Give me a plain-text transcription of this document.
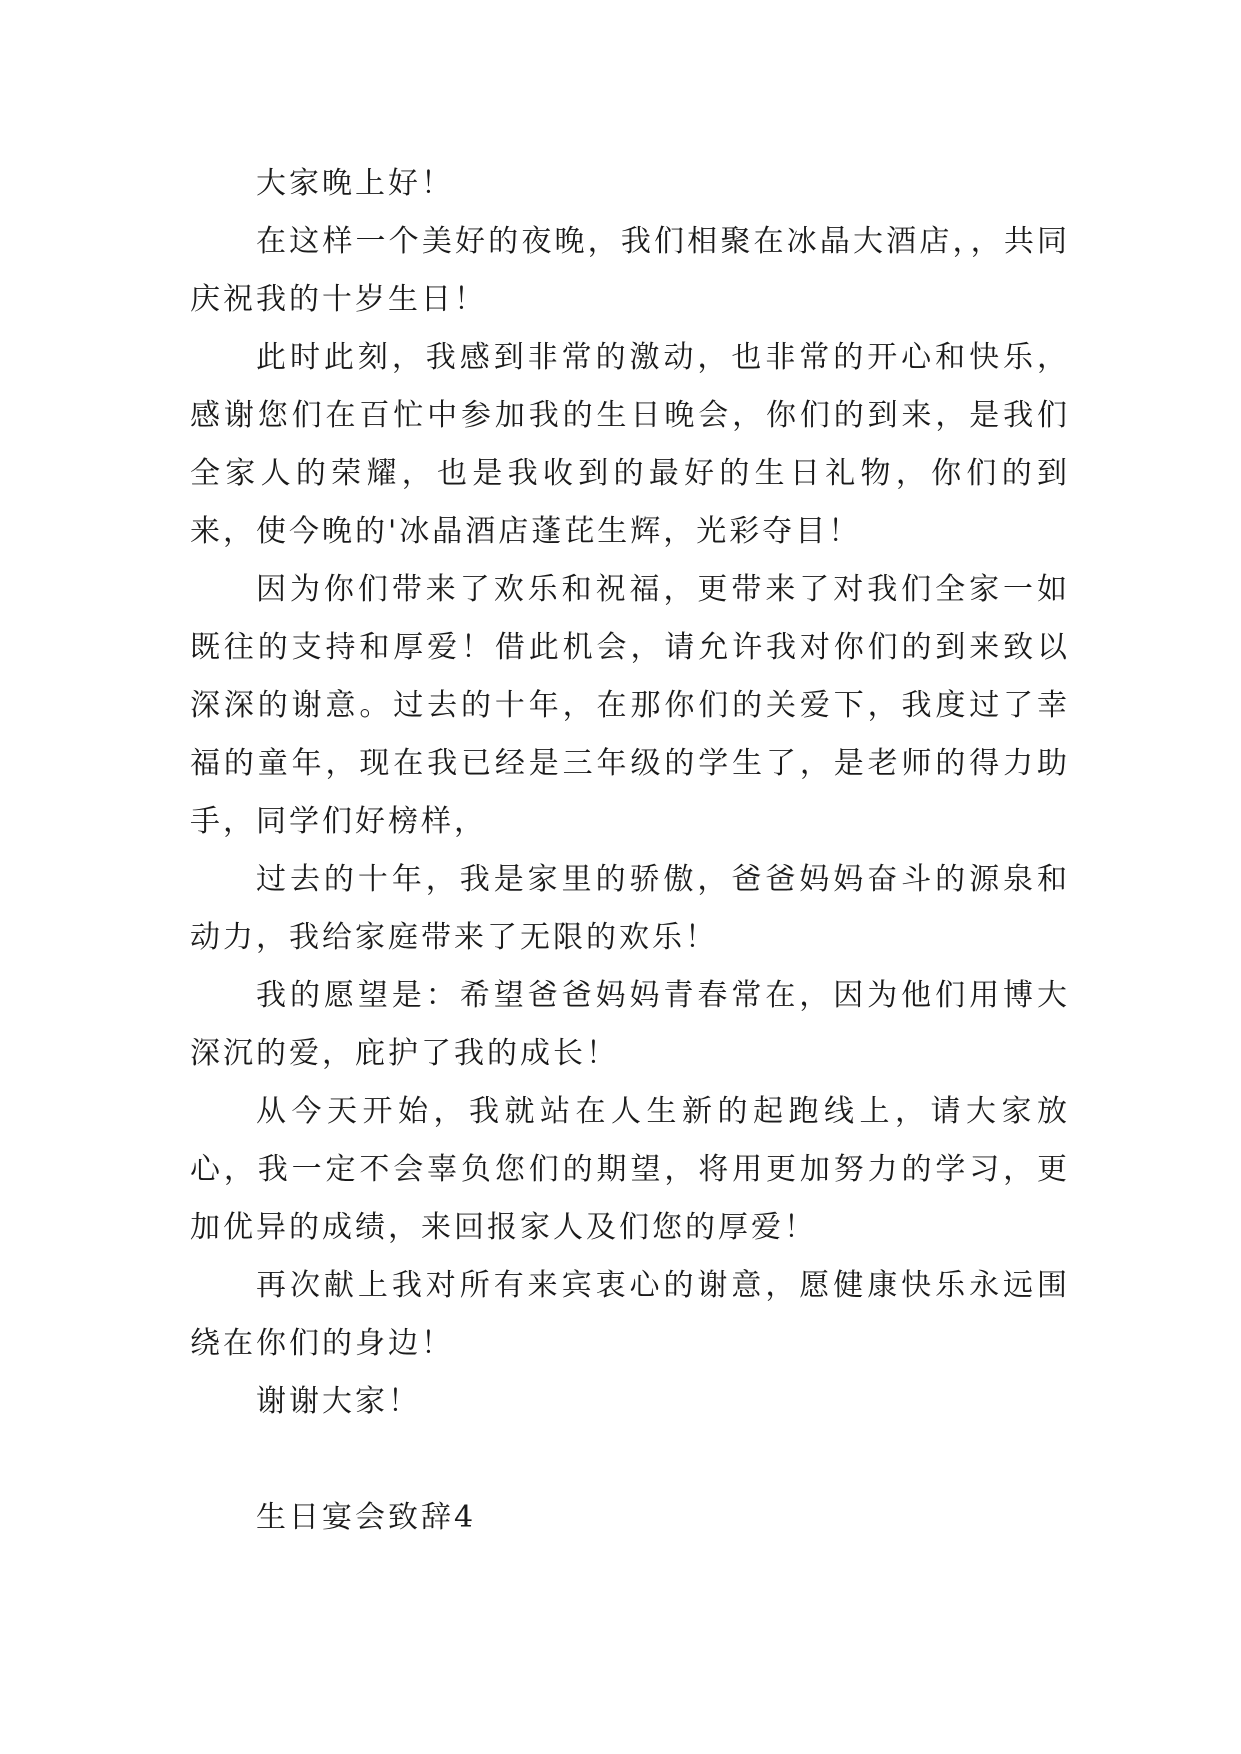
大家晚上好！

在这样一个美好的夜晚，我们相聚在冰晶大酒店，，共同庆祝我的十岁生日！

此时此刻，我感到非常的激动，也非常的开心和快乐，感谢您们在百忙中参加我的生日晚会，你们的到来，是我们全家人的荣耀，也是我收到的最好的生日礼物，你们的到来，使今晚的'冰晶酒店蓬芘生辉，光彩夺目！

因为你们带来了欢乐和祝福，更带来了对我们全家一如既往的支持和厚爱！借此机会，请允许我对你们的到来致以深深的谢意。过去的十年，在那你们的关爱下，我度过了幸福的童年，现在我已经是三年级的学生了，是老师的得力助手，同学们好榜样，

过去的十年，我是家里的骄傲，爸爸妈妈奋斗的源泉和动力，我给家庭带来了无限的欢乐！

我的愿望是：希望爸爸妈妈青春常在，因为他们用博大深沉的爱，庇护了我的成长！

从今天开始，我就站在人生新的起跑线上，请大家放心，我一定不会辜负您们的期望，将用更加努力的学习，更加优异的成绩，来回报家人及们您的厚爱！

再次献上我对所有来宾衷心的谢意，愿健康快乐永远围绕在你们的身边！

谢谢大家！

生日宴会致辞4
